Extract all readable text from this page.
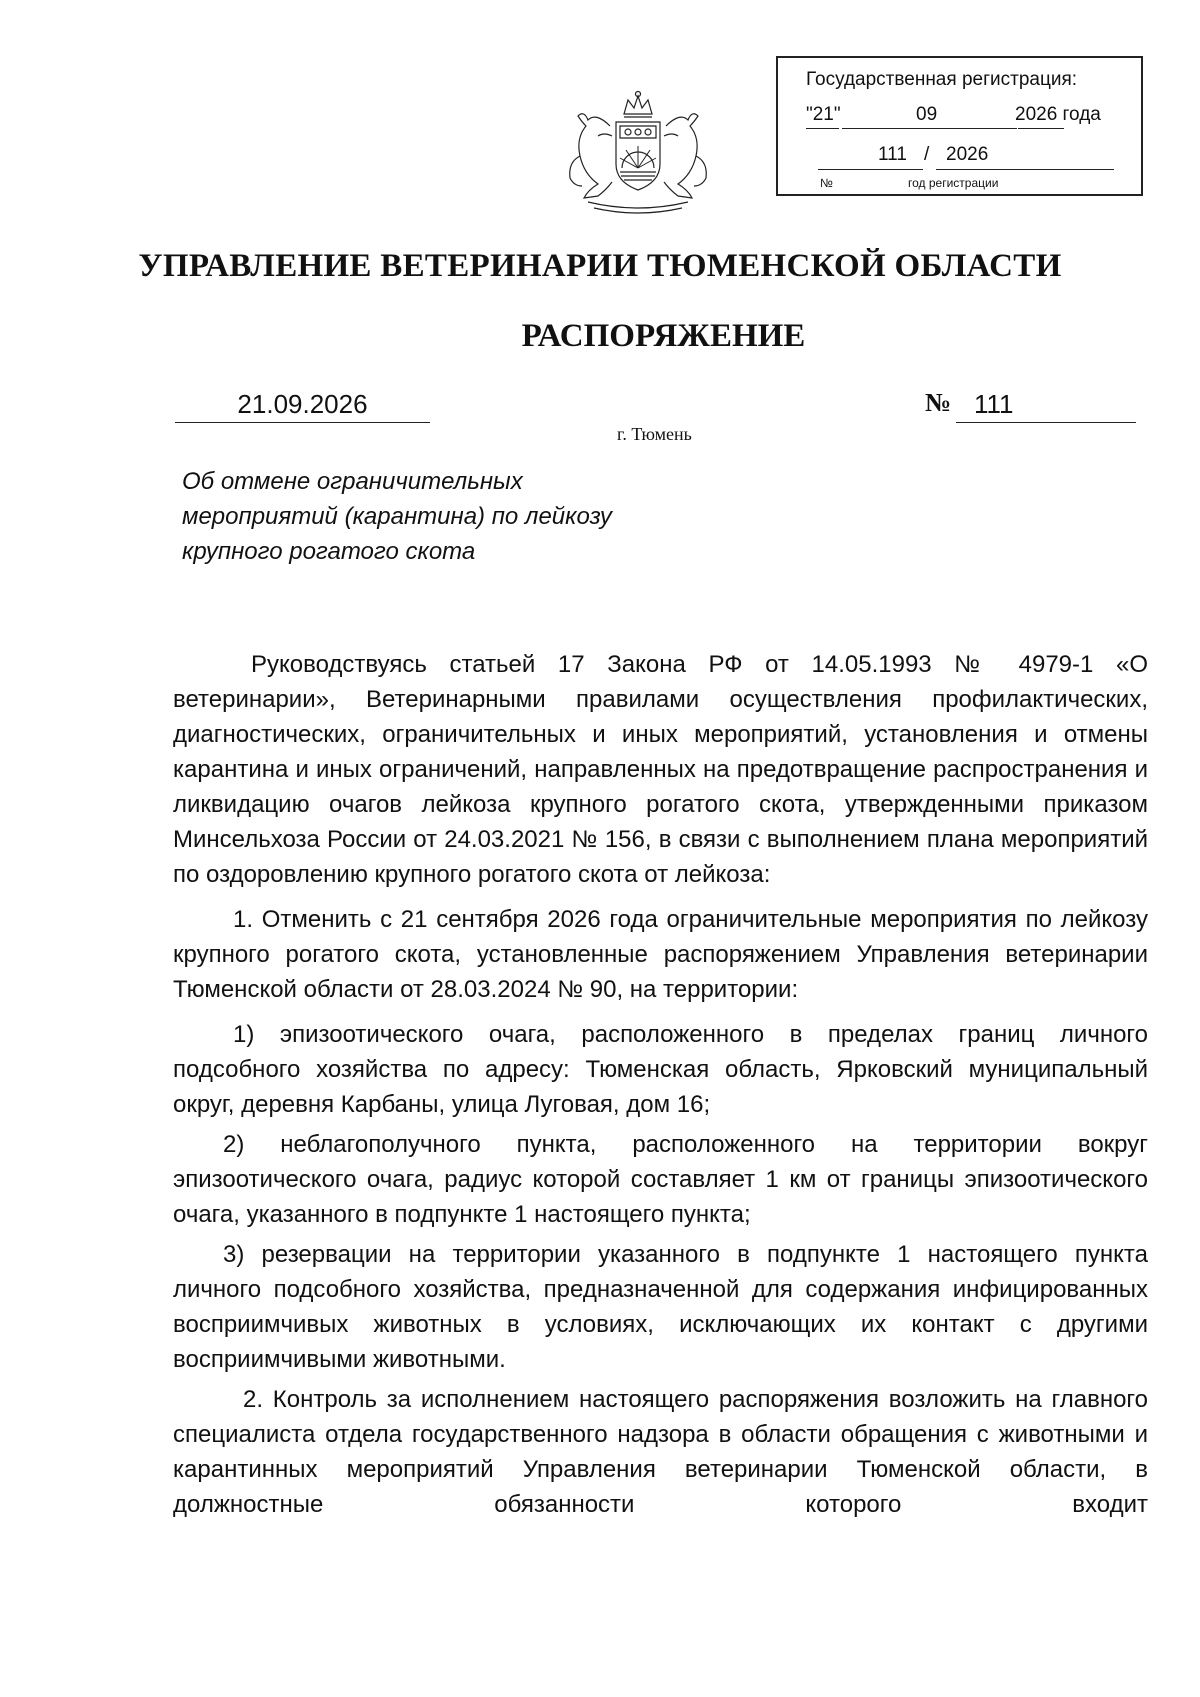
Государственная регистрация:
"21"	09	2026 года
111 / 2026
№	год регистрации
УПРАВЛЕНИЕ ВЕТЕРИНАРИИ ТЮМЕНСКОЙ ОБЛАСТИ
РАСПОРЯЖЕНИЕ
21.09.2026	№ 111
г. Тюмень
Об отмене ограничительных мероприятий (карантина) по лейкозу крупного рогатого скота

Руководствуясь статьей 17 Закона РФ от 14.05.1993 № 4979-1 «О ветеринарии», Ветеринарными правилами осуществления профилактических, диагностических, ограничительных и иных мероприятий, установления и отмены карантина и иных ограничений, направленных на предотвращение распространения и ликвидацию очагов лейкоза крупного рогатого скота, утвержденными приказом Минсельхоза России от 24.03.2021 № 156, в связи с выполнением плана мероприятий по оздоровлению крупного рогатого скота от лейкоза:

1. Отменить с 21 сентября 2026 года ограничительные мероприятия по лейкозу крупного рогатого скота, установленные распоряжением Управления ветеринарии Тюменской области от 28.03.2024 № 90, на территории:

1) эпизоотического очага, расположенного в пределах границ личного подсобного хозяйства по адресу: Тюменская область, Ярковский муниципальный округ, деревня Карбаны, улица Луговая, дом 16;

2) неблагополучного пункта, расположенного на территории вокруг эпизоотического очага, радиус которой составляет 1 км от границы эпизоотического очага, указанного в подпункте 1 настоящего пункта;

3) резервации на территории указанного в подпункте 1 настоящего пункта личного подсобного хозяйства, предназначенной для содержания инфицированных восприимчивых животных в условиях, исключающих их контакт с другими восприимчивыми животными.

2. Контроль за исполнением настоящего распоряжения возложить на главного специалиста отдела государственного надзора в области обращения с животными и карантинных мероприятий Управления ветеринарии Тюменской области, в должностные обязанности которого входит
